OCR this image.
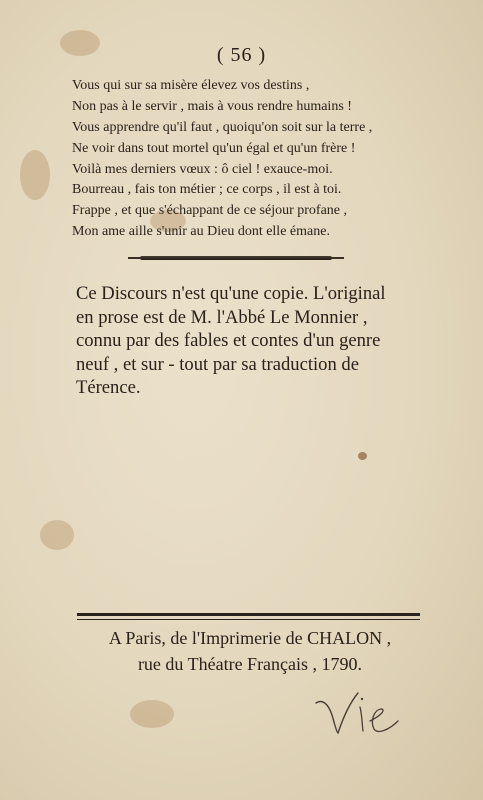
( 56 )
Vous qui sur sa misère élevez vos destins ,
Non pas à le servir , mais à vous rendre humains !
Vous apprendre qu'il faut , quoiqu'on soit sur la terre ,
Ne voir dans tout mortel qu'un égal et qu'un frère !
Voilà mes derniers vœux : ô ciel ! exauce-moi.
Bourreau , fais ton métier ; ce corps , il est à toi.
Frappe , et que s'échappant de ce séjour profane ,
Mon ame aille s'unir au Dieu dont elle émane.
Ce Discours n'est qu'une copie. L'original
en prose est de M. l'Abbé Le Monnier ,
connu par des fables et contes d'un genre
neuf , et sur - tout par sa traduction de
Térence.
A Paris, de l'Imprimerie de CHALON ,
rue du Théatre Français , 1790.
